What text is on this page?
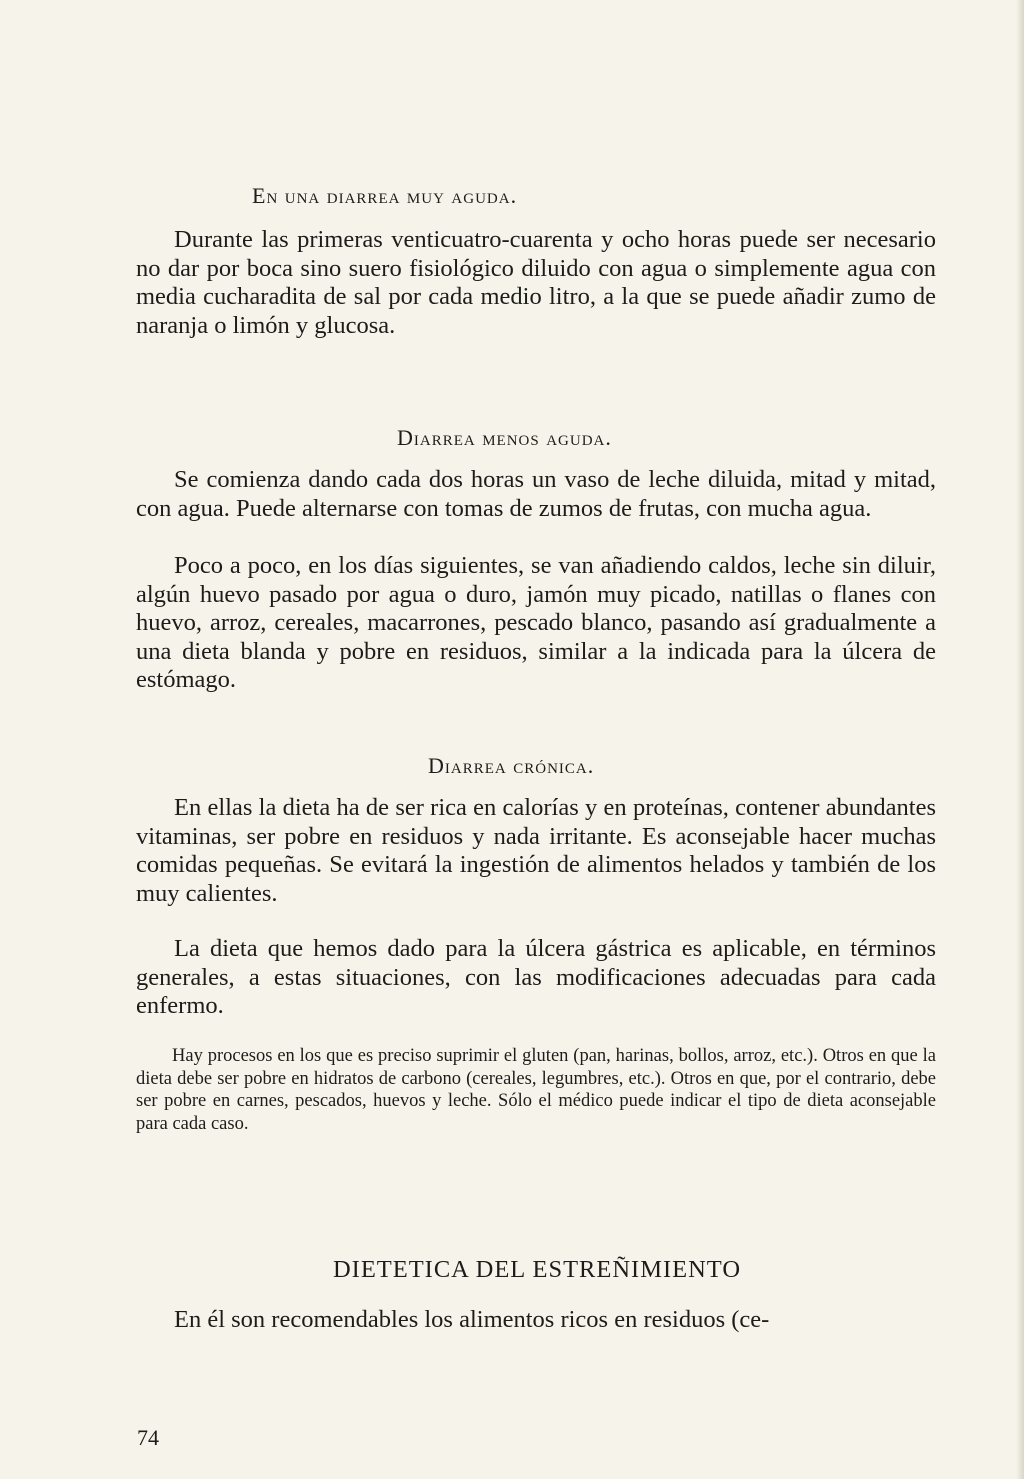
En una diarrea muy aguda.

Durante las primeras venticuatro-cuarenta y ocho horas puede ser necesario no dar por boca sino suero fisiológico diluido con agua o simplemente agua con media cucharadita de sal por cada medio litro, a la que se puede añadir zumo de naranja o limón y glucosa.

Diarrea menos aguda.

Se comienza dando cada dos horas un vaso de leche diluida, mitad y mitad, con agua. Puede alternarse con tomas de zumos de frutas, con mucha agua.

Poco a poco, en los días siguientes, se van añadiendo caldos, leche sin diluir, algún huevo pasado por agua o duro, jamón muy picado, natillas o flanes con huevo, arroz, cereales, macarrones, pescado blanco, pasando así gradualmente a una dieta blanda y pobre en residuos, similar a la indicada para la úlcera de estómago.

Diarrea crónica.

En ellas la dieta ha de ser rica en calorías y en proteínas, contener abundantes vitaminas, ser pobre en residuos y nada irritante. Es aconsejable hacer muchas comidas pequeñas. Se evitará la ingestión de alimentos helados y también de los muy calientes.

La dieta que hemos dado para la úlcera gástrica es aplicable, en términos generales, a estas situaciones, con las modificaciones adecuadas para cada enfermo.

Hay procesos en los que es preciso suprimir el gluten (pan, harinas, bollos, arroz, etc.). Otros en que la dieta debe ser pobre en hidratos de carbono (cereales, legumbres, etc.). Otros en que, por el contrario, debe ser pobre en carnes, pescados, huevos y leche. Sólo el médico puede indicar el tipo de dieta aconsejable para cada caso.

DIETETICA DEL ESTREÑIMIENTO

En él son recomendables los alimentos ricos en residuos (ce-

74
